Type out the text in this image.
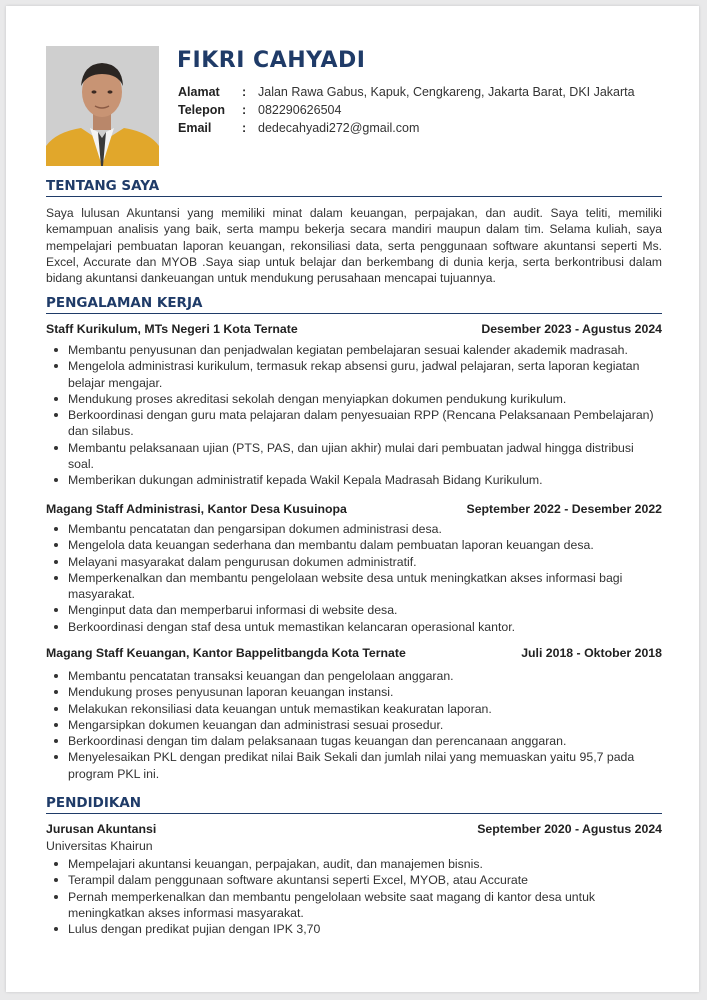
FIKRI CAHYADI
Alamat : Jalan Rawa Gabus, Kapuk, Cengkareng, Jakarta Barat, DKI Jakarta
Telepon : 082290626504
Email : dedecahyadi272@gmail.com
TENTANG SAYA
Saya lulusan Akuntansi yang memiliki minat dalam keuangan, perpajakan, dan audit. Saya teliti, memiliki kemampuan analisis yang baik, serta mampu bekerja secara mandiri maupun dalam tim. Selama kuliah, saya mempelajari pembuatan laporan keuangan, rekonsiliasi data, serta penggunaan software akuntansi seperti Ms. Excel, Accurate dan MYOB .Saya siap untuk belajar dan berkembang di dunia kerja, serta berkontribusi dalam bidang akuntansi dankeuangan untuk mendukung perusahaan mencapai tujuannya.
PENGALAMAN KERJA
Staff Kurikulum, MTs Negeri 1 Kota Ternate	Desember 2023 - Agustus 2024
Membantu penyusunan dan penjadwalan kegiatan pembelajaran sesuai kalender akademik madrasah.
Mengelola administrasi kurikulum, termasuk rekap absensi guru, jadwal pelajaran, serta laporan kegiatan belajar mengajar.
Mendukung proses akreditasi sekolah dengan menyiapkan dokumen pendukung kurikulum.
Berkoordinasi dengan guru mata pelajaran dalam penyesuaian RPP (Rencana Pelaksanaan Pembelajaran) dan silabus.
Membantu pelaksanaan ujian (PTS, PAS, dan ujian akhir) mulai dari pembuatan jadwal hingga distribusi soal.
Memberikan dukungan administratif kepada Wakil Kepala Madrasah Bidang Kurikulum.
Magang Staff Administrasi, Kantor Desa Kusuinopa	September 2022 - Desember 2022
Membantu pencatatan dan pengarsipan dokumen administrasi desa.
Mengelola data keuangan sederhana dan membantu dalam pembuatan laporan keuangan desa.
Melayani masyarakat dalam pengurusan dokumen administratif.
Memperkenalkan dan membantu pengelolaan website desa untuk meningkatkan akses informasi bagi masyarakat.
Menginput data dan memperbarui informasi di website desa.
Berkoordinasi dengan staf desa untuk memastikan kelancaran operasional kantor.
Magang Staff Keuangan, Kantor Bappelitbangda Kota Ternate	Juli 2018 - Oktober 2018
Membantu pencatatan transaksi keuangan dan pengelolaan anggaran.
Mendukung proses penyusunan laporan keuangan instansi.
Melakukan rekonsiliasi data keuangan untuk memastikan keakuratan laporan.
Mengarsipkan dokumen keuangan dan administrasi sesuai prosedur.
Berkoordinasi dengan tim dalam pelaksanaan tugas keuangan dan perencanaan anggaran.
Menyelesaikan PKL dengan predikat nilai Baik Sekali dan jumlah nilai yang memuaskan yaitu 95,7 pada program PKL ini.
PENDIDIKAN
Jurusan Akuntansi	September 2020 - Agustus 2024
Universitas Khairun
Mempelajari akuntansi keuangan, perpajakan, audit, dan manajemen bisnis.
Terampil dalam penggunaan software akuntansi seperti Excel, MYOB, atau Accurate
Pernah memperkenalkan dan membantu pengelolaan website saat magang di kantor desa untuk meningkatkan akses informasi masyarakat.
Lulus dengan predikat pujian dengan IPK 3,70
